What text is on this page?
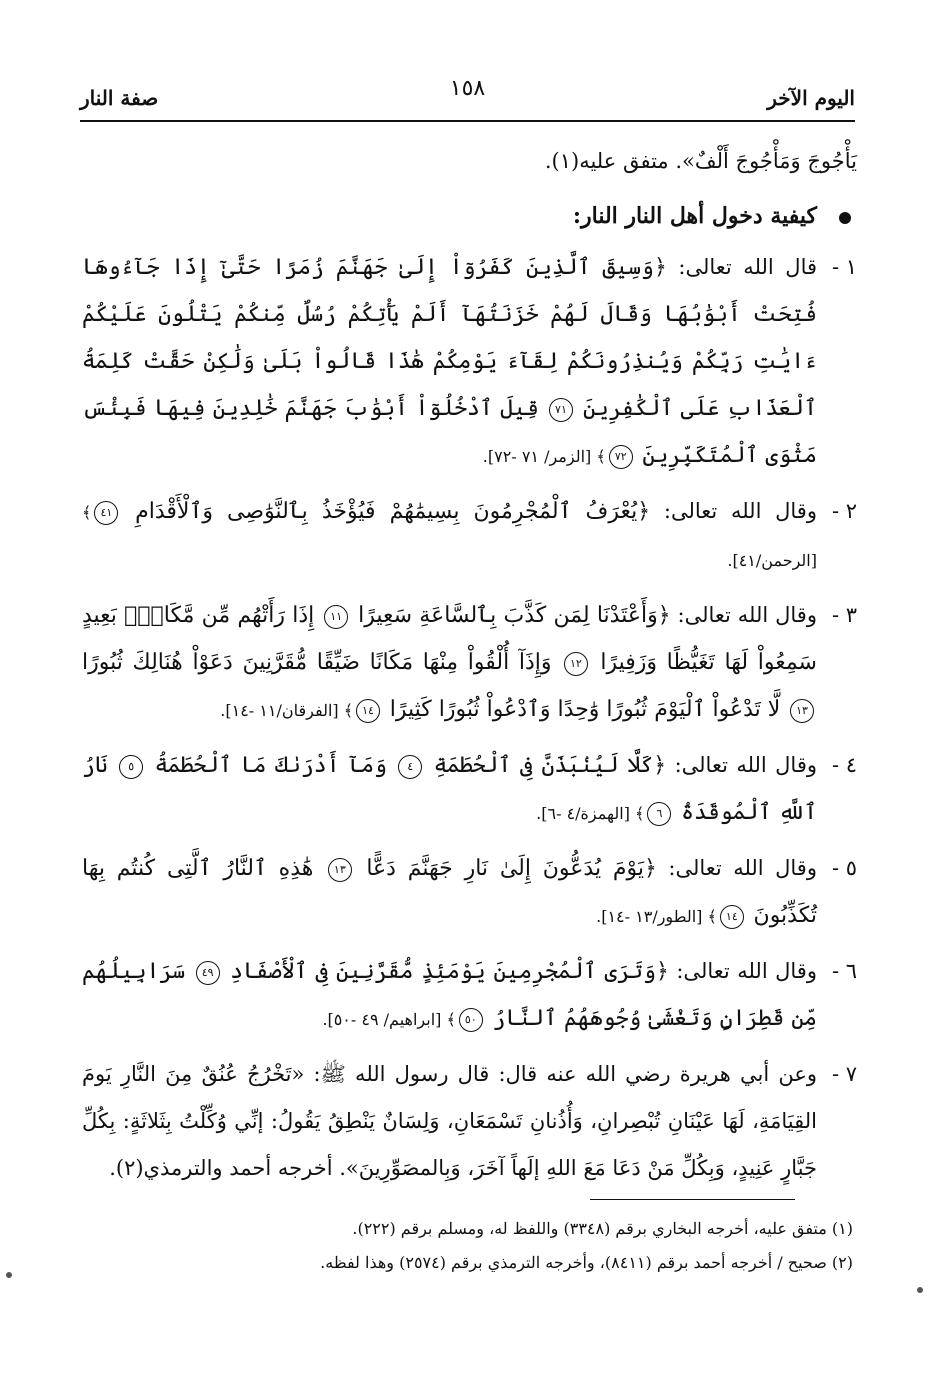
اليوم الآخر
١٥٨
صفة النار

يَأْجُوجَ وَمَأْجُوجَ أَلْفٌ». متفق عليه(١).

كيفية دخول أهل النار النار:

١ -
قال الله تعالى: ﴿وَسِيقَ ٱلَّذِينَ كَفَرُوٓاْ إِلَىٰ جَهَنَّمَ زُمَرًا حَتَّىٰٓ إِذَا جَآءُوهَا فُتِحَتْ أَبْوَٰبُهَا وَقَالَ لَهُمْ خَزَنَتُهَآ أَلَمْ يَأْتِكُمْ رُسُلٌ مِّنكُمْ يَتْلُونَ عَلَيْكُمْ ءَايَٰتِ رَبِّكُمْ وَيُنذِرُونَكُمْ لِقَآءَ يَوْمِكُمْ هَٰذَا قَالُواْ بَلَىٰ وَلَٰكِنْ حَقَّتْ كَلِمَةُ ٱلْعَذَابِ عَلَى ٱلْكَٰفِرِينَ ٧١ قِيلَ ٱدْخُلُوٓاْ أَبْوَٰبَ جَهَنَّمَ خَٰلِدِينَ فِيهَا فَبِئْسَ مَثْوَى ٱلْمُتَكَبِّرِينَ ٧٢﴾ [الزمر/ ٧١ -٧٢].

٢ -
وقال الله تعالى: ﴿يُعْرَفُ ٱلْمُجْرِمُونَ بِسِيمَٰهُمْ فَيُؤْخَذُ بِٱلنَّوَٰصِى وَٱلْأَقْدَامِ ٤١﴾ [الرحمن/٤١].

٣ -
وقال الله تعالى: ﴿وَأَعْتَدْنَا لِمَن كَذَّبَ بِٱلسَّاعَةِ سَعِيرًا ١١ إِذَا رَأَتْهُم مِّن مَّكَانٍۭ بَعِيدٍ سَمِعُواْ لَهَا تَغَيُّظًا وَزَفِيرًا ١٢ وَإِذَآ أُلْقُواْ مِنْهَا مَكَانًا ضَيِّقًا مُّقَرَّنِينَ دَعَوْاْ هُنَالِكَ ثُبُورًا ١٣ لَّا تَدْعُواْ ٱلْيَوْمَ ثُبُورًا وَٰحِدًا وَٱدْعُواْ ثُبُورًا كَثِيرًا ١٤﴾ [الفرقان/١١ -١٤].

٤ -
وقال الله تعالى: ﴿كَلَّا لَيُنۢبَذَنَّ فِى ٱلْحُطَمَةِ ٤ وَمَآ أَدْرَىٰكَ مَا ٱلْحُطَمَةُ ٥ نَارُ ٱللَّهِ ٱلْمُوقَدَةُ ٦﴾ [الهمزة/٤ -٦].

٥ -
وقال الله تعالى: ﴿يَوْمَ يُدَعُّونَ إِلَىٰ نَارِ جَهَنَّمَ دَعًّا ١٣ هَٰذِهِ ٱلنَّارُ ٱلَّتِى كُنتُم بِهَا تُكَذِّبُونَ ١٤﴾ [الطور/١٣ -١٤].

٦ -
وقال الله تعالى: ﴿وَتَرَى ٱلْمُجْرِمِينَ يَوْمَئِذٍ مُّقَرَّنِينَ فِى ٱلْأَصْفَادِ ٤٩ سَرَابِيلُهُم مِّن قَطِرَانٍ وَتَغْشَىٰ وُجُوهَهُمُ ٱلنَّارُ ٥٠﴾ [ابراهيم/ ٤٩ -٥٠].

٧ -
وعن أبي هريرة رضي الله عنه قال: قال رسول الله ﷺ: «تَخْرُجُ عُنُقٌ مِنَ النَّارِ يَومَ القِيَامَةِ، لَهَا عَيْنَانِ تُبْصِرانِ، وَأُذُنانِ تَسْمَعَانِ، وَلِسَانٌ يَنْطِقُ يَقُولُ: إنِّي وُكِّلْتُ بِثَلاثَةٍ: بِكُلِّ جَبَّارٍ عَنِيدٍ، وَبِكُلِّ مَنْ دَعَا مَعَ اللهِ إلَهاً آخَرَ، وَبِالمصَوِّرِينَ». أخرجه أحمد والترمذي(٢).

(١) متفق عليه، أخرجه البخاري برقم (٣٣٤٨) واللفظ له، ومسلم برقم (٢٢٢).

(٢) صحيح / أخرجه أحمد برقم (٨٤١١)، وأخرجه الترمذي برقم (٢٥٧٤) وهذا لفظه.
